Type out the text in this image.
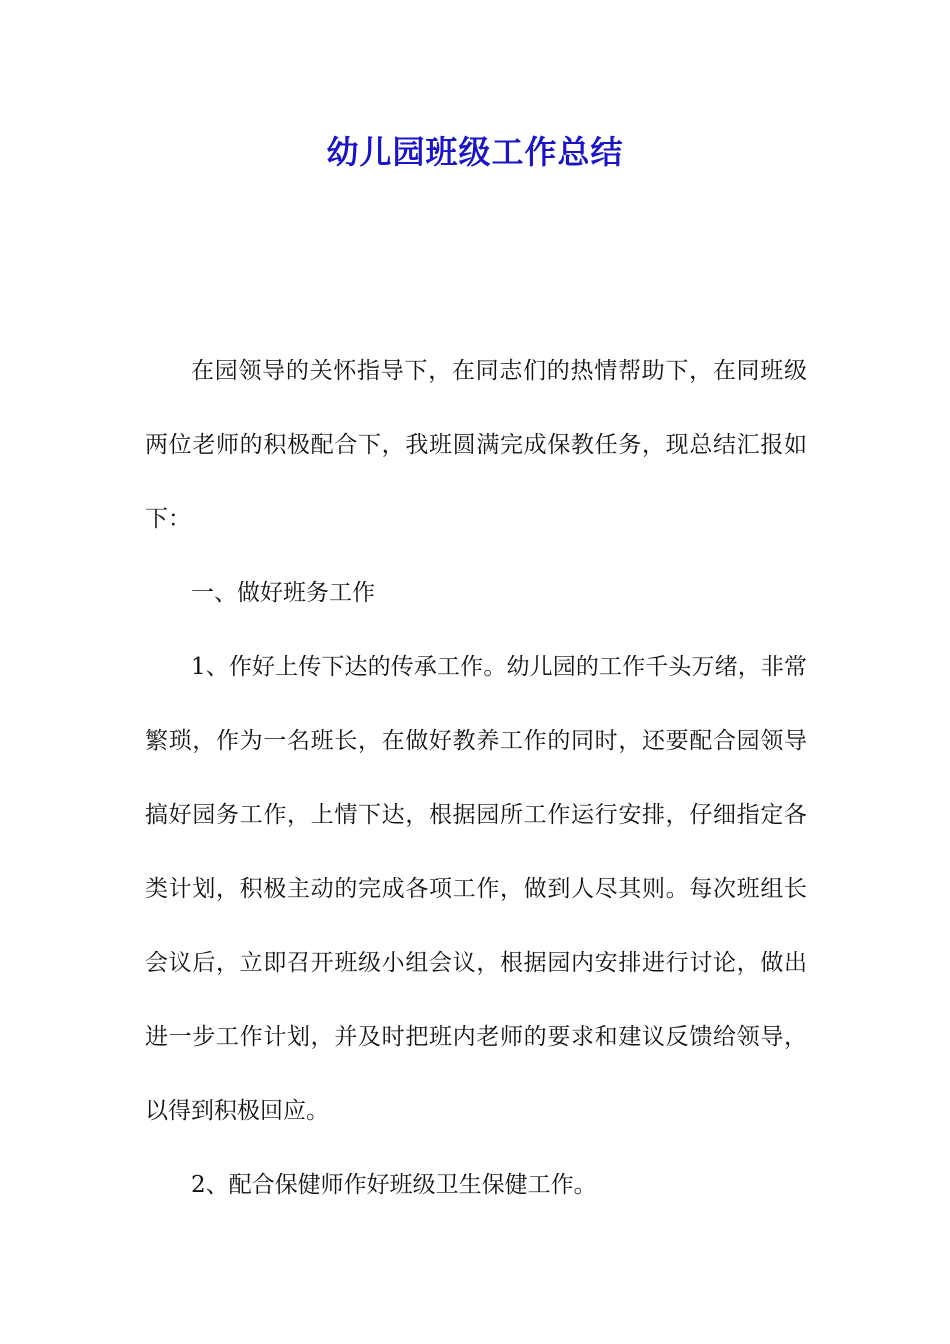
幼儿园班级工作总结

在园领导的关怀指导下，在同志们的热情帮助下，在同班级两位老师的积极配合下，我班圆满完成保教任务，现总结汇报如下：

一、做好班务工作

1、作好上传下达的传承工作。幼儿园的工作千头万绪，非常繁琐，作为一名班长，在做好教养工作的同时，还要配合园领导搞好园务工作，上情下达，根据园所工作运行安排，仔细指定各类计划，积极主动的完成各项工作，做到人尽其则。每次班组长会议后，立即召开班级小组会议，根据园内安排进行讨论，做出进一步工作计划，并及时把班内老师的要求和建议反馈给领导，以得到积极回应。

2、配合保健师作好班级卫生保健工作。
